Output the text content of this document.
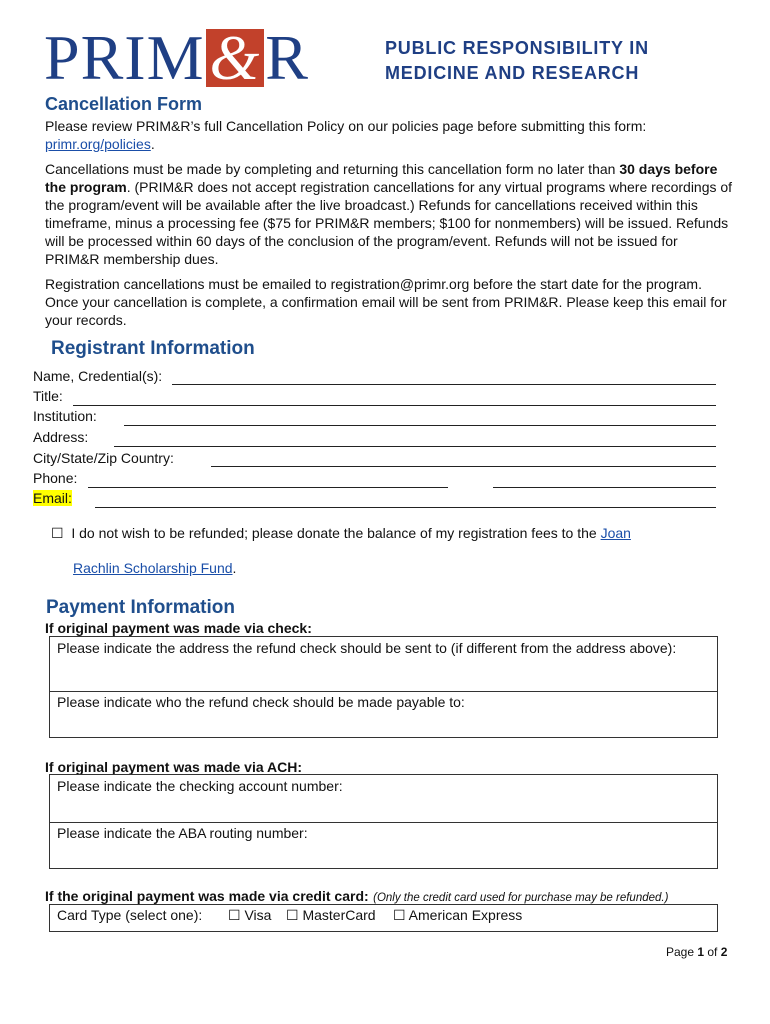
PRIM&R	PUBLIC RESPONSIBILITY IN
MEDICINE AND RESEARCH
Cancellation Form
Please review PRIM&R’s full Cancellation Policy on our policies page before submitting this form:
primr.org/policies.
Cancellations must be made by completing and returning this cancellation form no later than 30 days before the program. (PRIM&R does not accept registration cancellations for any virtual programs where recordings of the program/event will be available after the live broadcast.) Refunds for cancellations received within this timeframe, minus a processing fee ($75 for PRIM&R members; $100 for nonmembers) will be issued. Refunds will be processed within 60 days of the conclusion of the program/event. Refunds will not be issued for PRIM&R membership dues.
Registration cancellations must be emailed to registration@primr.org before the start date for the program. Once your cancellation is complete, a confirmation email will be sent from PRIM&R. Please keep this email for your records.
Registrant Information
Name, Credential(s):
Title:
Institution:
Address:
City/State/Zip Country:
Phone:
Email:
☐ I do not wish to be refunded; please donate the balance of my registration fees to the Joan
Rachlin Scholarship Fund.
Payment Information
If original payment was made via check:
Please indicate the address the refund check should be sent to (if different from the address above):
Please indicate who the refund check should be made payable to:
If original payment was made via ACH:
Please indicate the checking account number:
Please indicate the ABA routing number:
If the original payment was made via credit card: (Only the credit card used for purchase may be refunded.)
Card Type (select one): ☐ Visa ☐ MasterCard ☐ American Express
Page 1 of 2
